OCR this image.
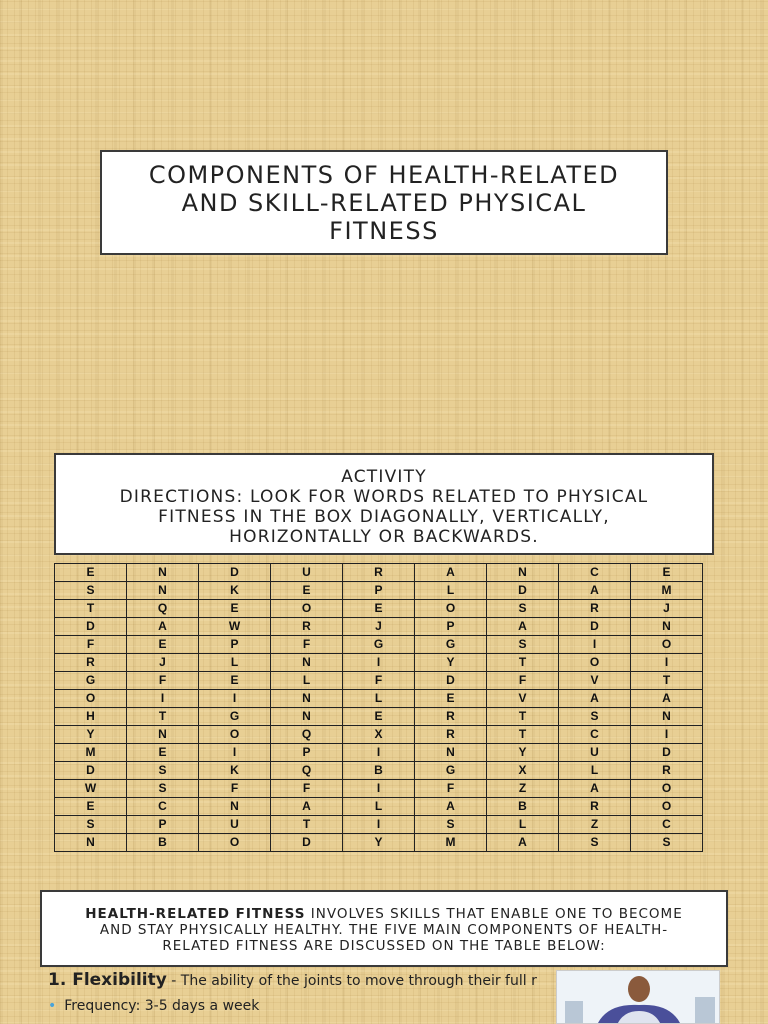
COMPONENTS OF HEALTH-RELATED
AND SKILL-RELATED PHYSICAL
FITNESS
ACTIVITY
DIRECTIONS: LOOK FOR WORDS RELATED TO PHYSICAL
FITNESS IN THE BOX DIAGONALLY, VERTICALLY,
HORIZONTALLY OR BACKWARDS.
E	N	D	U	R	A	N	C	E
S	N	K	E	P	L	D	A	M
T	Q	E	O	E	O	S	R	J
D	A	W	R	J	P	A	D	N
F	E	P	F	G	G	S	I	O
R	J	L	N	I	Y	T	O	I
G	F	E	L	F	D	F	V	T
O	I	I	N	L	E	V	A	A
H	T	G	N	E	R	T	S	N
Y	N	O	Q	X	R	T	C	I
M	E	I	P	I	N	Y	U	D
D	S	K	Q	B	G	X	L	R
W	S	F	F	I	F	Z	A	O
E	C	N	A	L	A	B	R	O
S	P	U	T	I	S	L	Z	C
N	B	O	D	Y	M	A	S	S
HEALTH-RELATED FITNESS INVOLVES SKILLS THAT ENABLE ONE TO BECOME
AND STAY PHYSICALLY HEALTHY. THE FIVE MAIN COMPONENTS OF HEALTH-
RELATED FITNESS ARE DISCUSSED ON THE TABLE BELOW:
1. Flexibility - The ability of the joints to move through their full r
• Frequency: 3-5 days a week
